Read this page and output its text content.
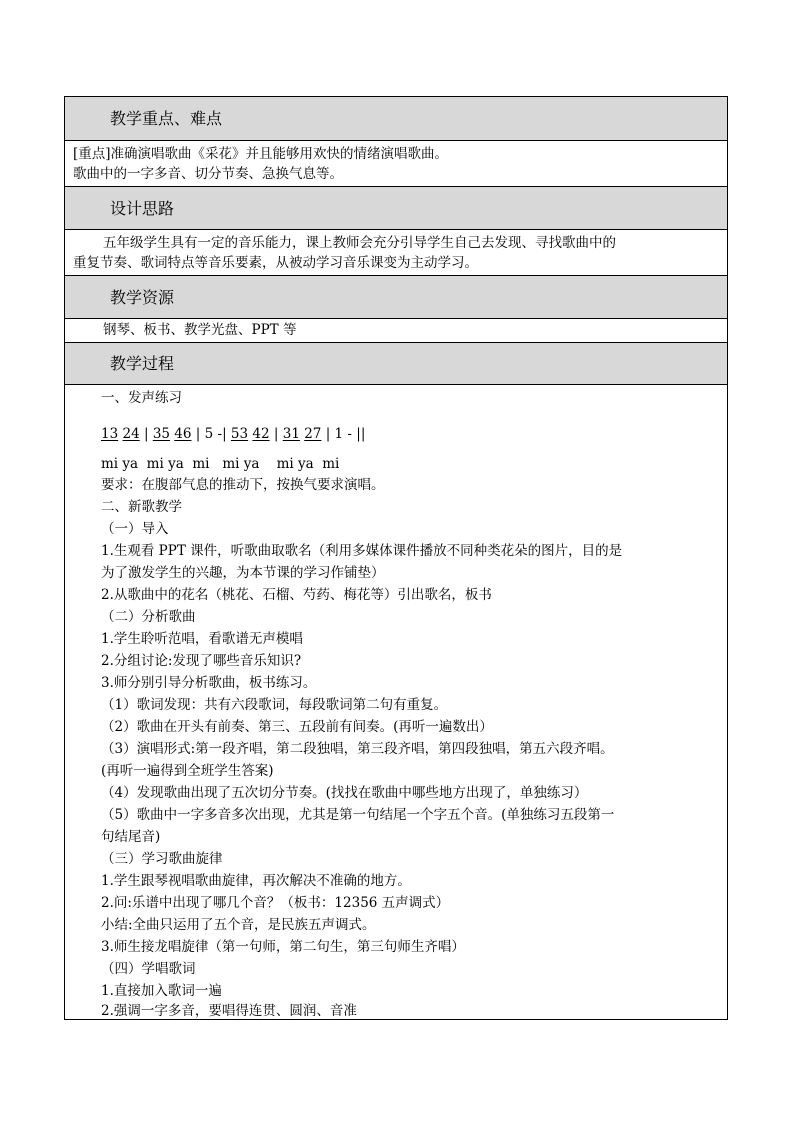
教学重点、难点
[重点]准确演唱歌曲《采花》并且能够用欢快的情绪演唱歌曲。
歌曲中的一字多音、切分节奏、急换气息等。
设计思路
五年级学生具有一定的音乐能力，课上教师会充分引导学生自己去发现、寻找歌曲中的
重复节奏、歌词特点等音乐要素，从被动学习音乐课变为主动学习。
教学资源
钢琴、板书、教学光盘、PPT 等
教学过程
一、发声练习
13 24 | 35 46 | 5 -| 53 42 | 31 27 | 1 - ||
mi ya  mi ya  mi   mi ya    mi ya  mi
要求：在腹部气息的推动下，按换气要求演唱。
二、新歌教学
（一）导入
1.生观看 PPT 课件，听歌曲取歌名（利用多媒体课件播放不同种类花朵的图片，目的是
为了激发学生的兴趣，为本节课的学习作铺垫）
2.从歌曲中的花名（桃花、石榴、芍药、梅花等）引出歌名，板书
（二）分析歌曲
1.学生聆听范唱，看歌谱无声模唱
2.分组讨论:发现了哪些音乐知识?
3.师分别引导分析歌曲，板书练习。
（1）歌词发现：共有六段歌词，每段歌词第二句有重复。
（2）歌曲在开头有前奏、第三、五段前有间奏。(再听一遍数出）
（3）演唱形式:第一段齐唱，第二段独唱，第三段齐唱，第四段独唱，第五六段齐唱。
(再听一遍得到全班学生答案)
（4）发现歌曲出现了五次切分节奏。(找找在歌曲中哪些地方出现了，单独练习）
（5）歌曲中一字多音多次出现，尤其是第一句结尾一个字五个音。(单独练习五段第一
句结尾音)
（三）学习歌曲旋律
1.学生跟琴视唱歌曲旋律，再次解决不准确的地方。
2.问:乐谱中出现了哪几个音？（板书：12356 五声调式）
小结:全曲只运用了五个音，是民族五声调式。
3.师生接龙唱旋律（第一句师，第二句生，第三句师生齐唱）
（四）学唱歌词
1.直接加入歌词一遍
2.强调一字多音，要唱得连贯、圆润、音准
